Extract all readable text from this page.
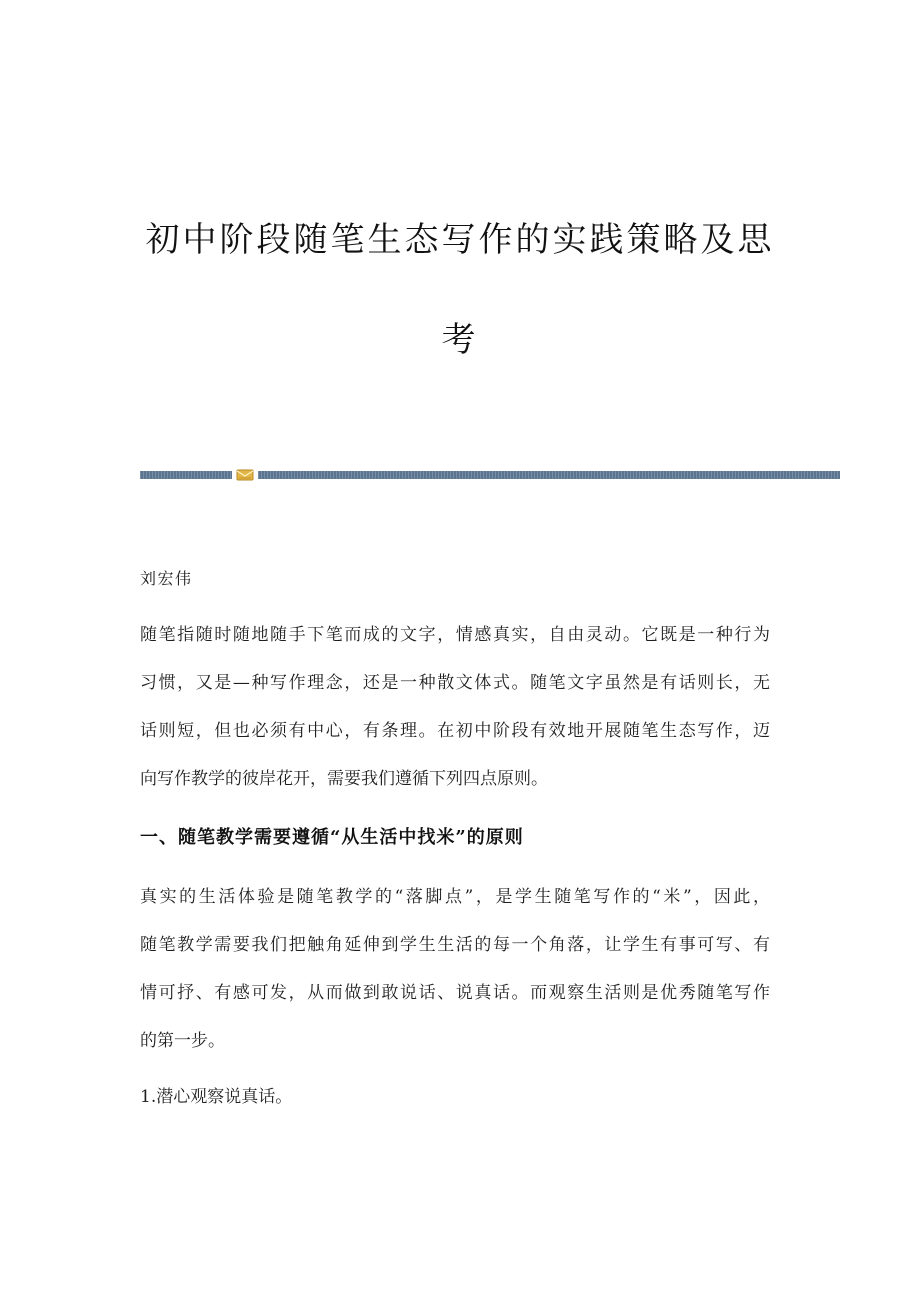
初中阶段随笔生态写作的实践策略及思
考
刘宏伟
随笔指随时随地随手下笔而成的文字，情感真实，自由灵动。它既是一种行为
习惯，又是—种写作理念，还是一种散文体式。随笔文字虽然是有话则长，无
话则短，但也必须有中心，有条理。在初中阶段有效地开展随笔生态写作，迈
向写作教学的彼岸花开，需要我们遵循下列四点原则。
一、随笔教学需要遵循“从生活中找米”的原则
真实的生活体验是随笔教学的“落脚点”，是学生随笔写作的“米”，因此，
随笔教学需要我们把触角延伸到学生生活的每一个角落，让学生有事可写、有
情可抒、有感可发，从而做到敢说话、说真话。而观察生活则是优秀随笔写作
的第一步。
1.潜心观察说真话。
